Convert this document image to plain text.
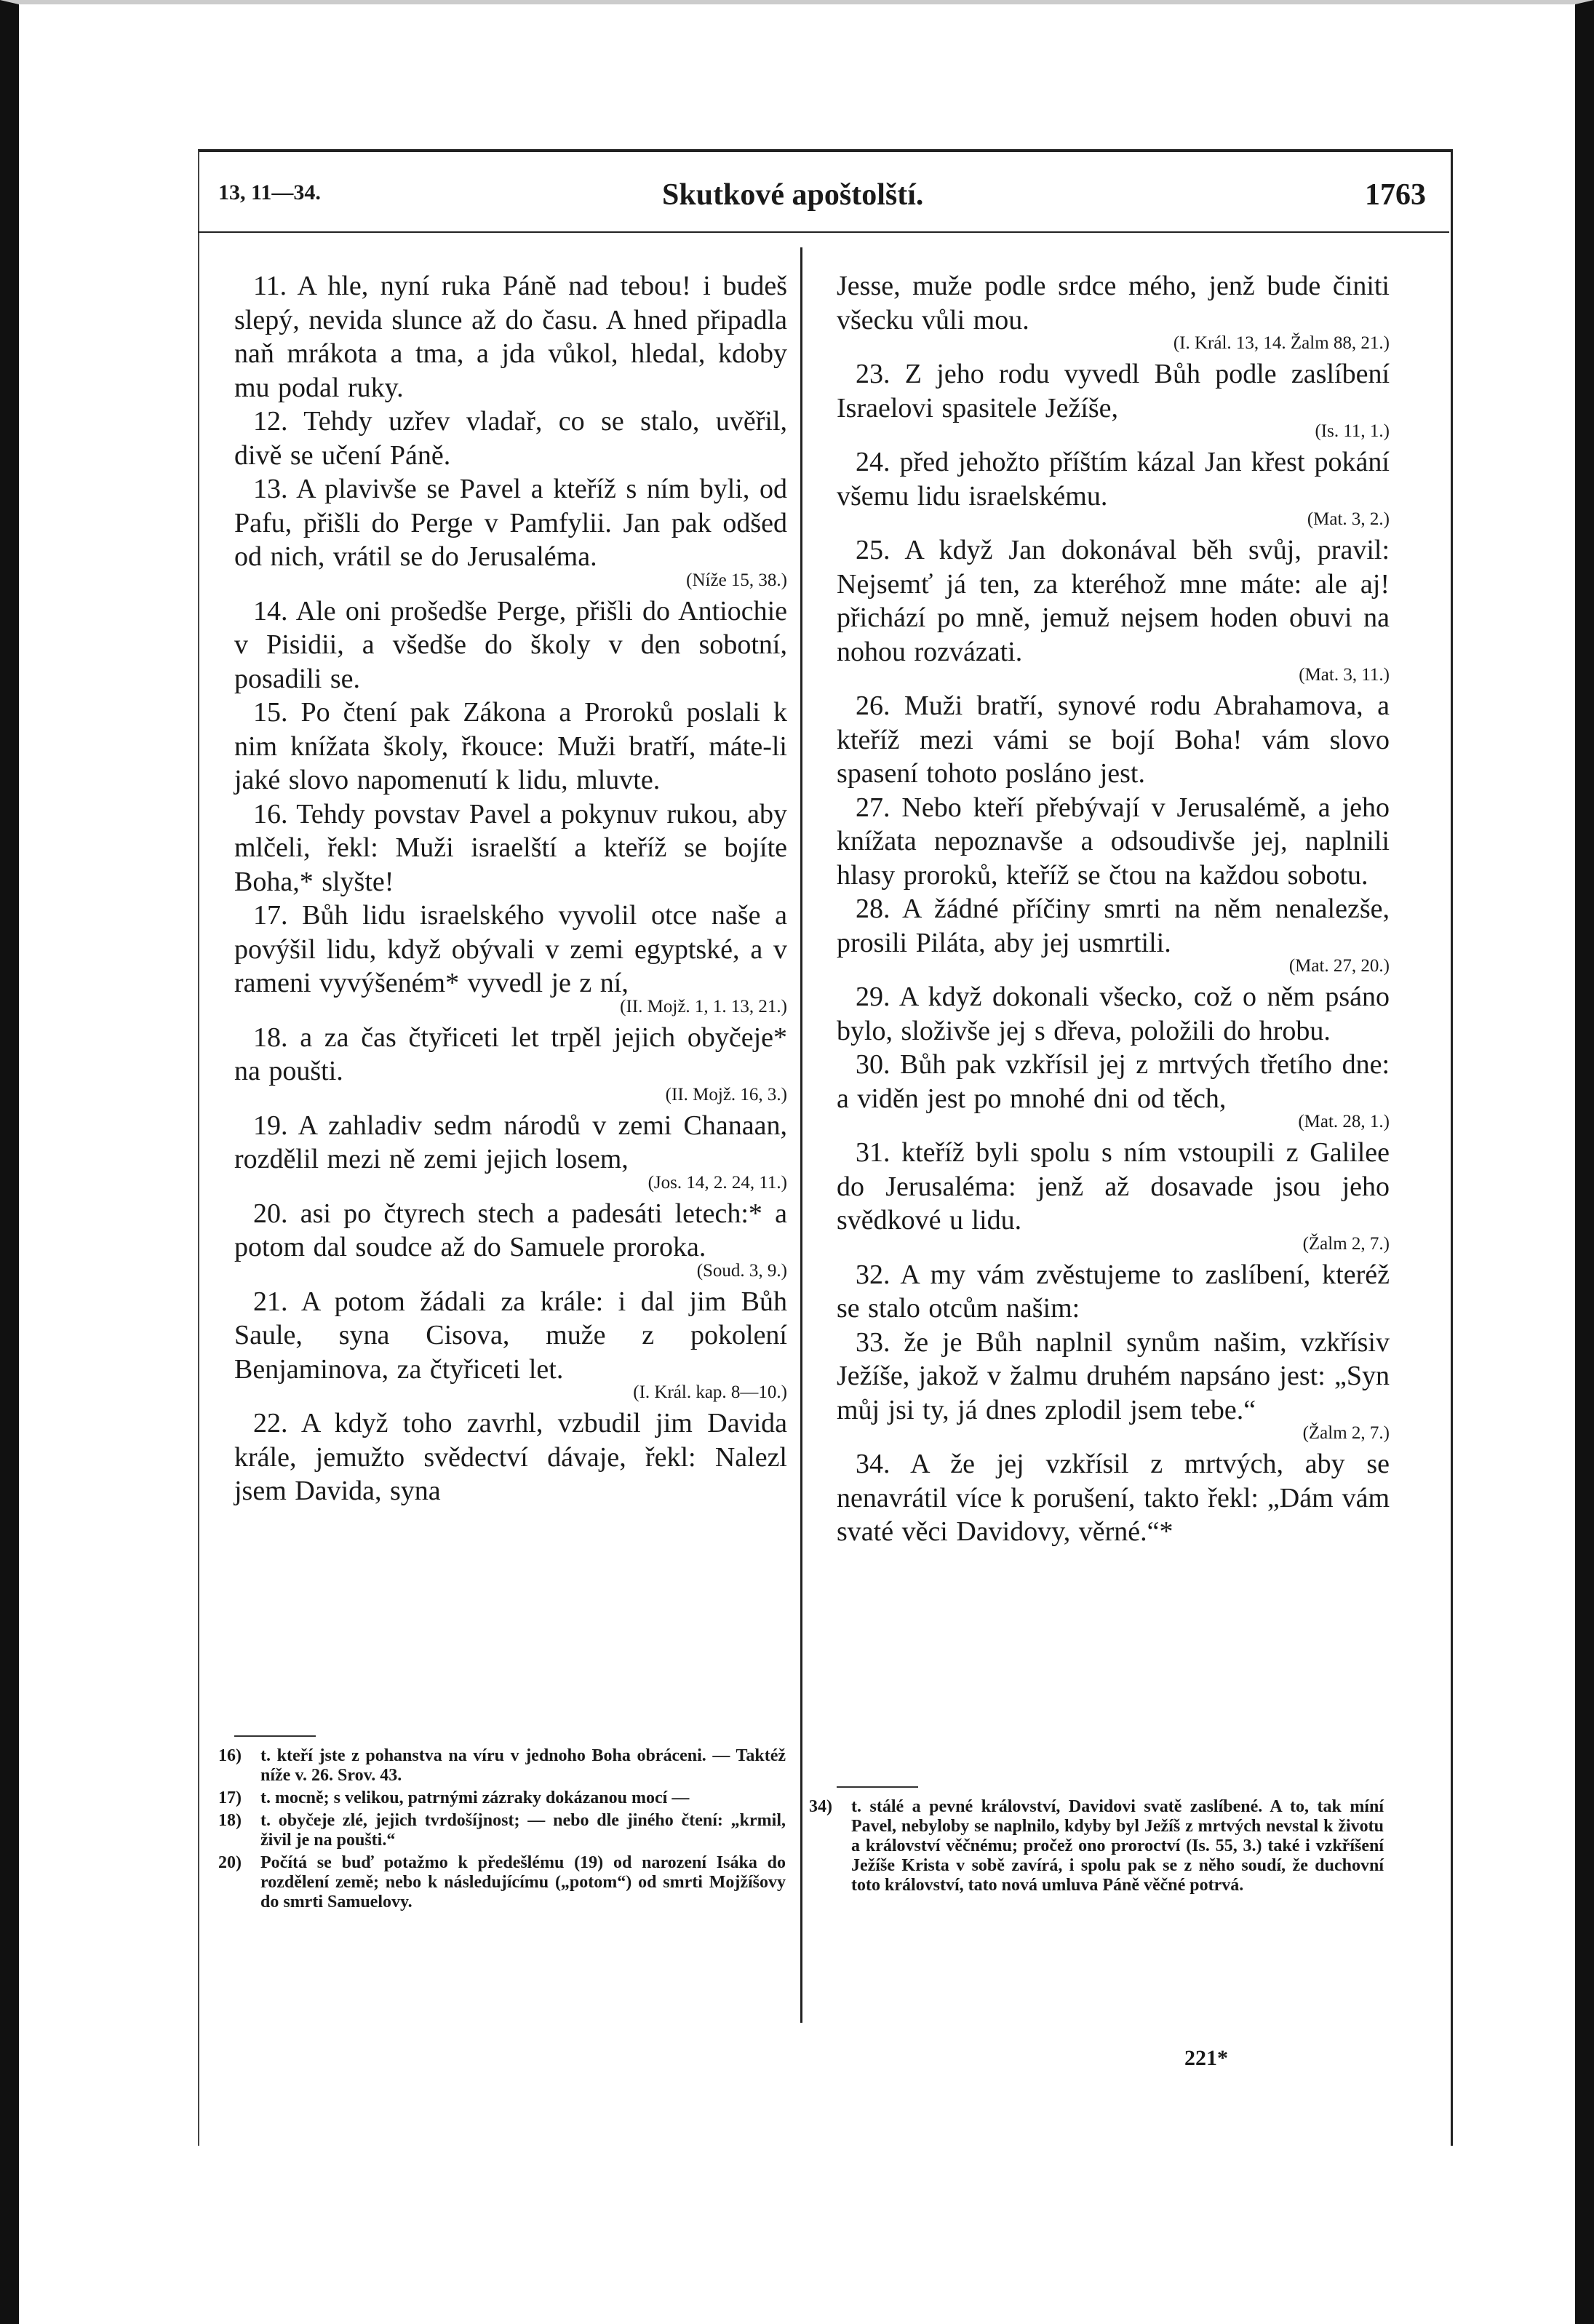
13, 11—34.	Skutkové apoštolští.	1763

11. A hle, nyní ruka Páně nad tebou! i budeš slepý, nevida slunce až do času. A hned připadla naň mrákota a tma, a jda vůkol, hledal, kdoby mu podal ruky.

12. Tehdy uzřev vladař, co se stalo, uvěřil, divě se učení Páně.

13. A plavivše se Pavel a kteříž s ním byli, od Pafu, přišli do Perge v Pamfylii. Jan pak odšed od nich, vrátil se do Jerusaléma.

(Níže 15, 38.)

14. Ale oni prošedše Perge, přišli do Antiochie v Pisidii, a všedše do školy v den sobotní, posadili se.

15. Po čtení pak Zákona a Proroků poslali k nim knížata školy, řkouce: Muži bratří, máte-li jaké slovo napomenutí k lidu, mluvte.

16. Tehdy povstav Pavel a pokynuv rukou, aby mlčeli, řekl: Muži israelští a kteříž se bojíte Boha,* slyšte!

17. Bůh lidu israelského vyvolil otce naše a povýšil lidu, když obývali v zemi egyptské, a v rameni vyvýšeném* vyvedl je z ní,

(II. Mojž. 1, 1. 13, 21.)

18. a za čas čtyřiceti let trpěl jejich obyčeje* na poušti.

(II. Mojž. 16, 3.)

19. A zahladiv sedm národů v zemi Chanaan, rozdělil mezi ně zemi jejich losem,

(Jos. 14, 2. 24, 11.)

20. asi po čtyrech stech a padesáti letech:* a potom dal soudce až do Samuele proroka.

(Soud. 3, 9.)

21. A potom žádali za krále: i dal jim Bůh Saule, syna Cisova, muže z pokolení Benjaminova, za čtyřiceti let.

(I. Král. kap. 8—10.)

22. A když toho zavrhl, vzbudil jim Davida krále, jemužto svědectví dávaje, řekl: Nalezl jsem Davida, syna

Jesse, muže podle srdce mého, jenž bude činiti všecku vůli mou.

(I. Král. 13, 14. Žalm 88, 21.)

23. Z jeho rodu vyvedl Bůh podle zaslíbení Israelovi spasitele Ježíše,

(Is. 11, 1.)

24. před jehožto příštím kázal Jan křest pokání všemu lidu israelskému.

(Mat. 3, 2.)

25. A když Jan dokonával běh svůj, pravil: Nejsemť já ten, za kteréhož mne máte: ale aj! přichází po mně, jemuž nejsem hoden obuvi na nohou rozvázati.

(Mat. 3, 11.)

26. Muži bratří, synové rodu Abrahamova, a kteříž mezi vámi se bojí Boha! vám slovo spasení tohoto posláno jest.

27. Nebo kteří přebývají v Jerusalémě, a jeho knížata nepoznavše a odsoudivše jej, naplnili hlasy proroků, kteříž se čtou na každou sobotu.

28. A žádné příčiny smrti na něm nenalezše, prosili Piláta, aby jej usmrtili.

(Mat. 27, 20.)

29. A když dokonali všecko, což o něm psáno bylo, složivše jej s dřeva, položili do hrobu.

30. Bůh pak vzkřísil jej z mrtvých třetího dne: a viděn jest po mnohé dni od těch,

(Mat. 28, 1.)

31. kteříž byli spolu s ním vstoupili z Galilee do Jerusaléma: jenž až dosavade jsou jeho svědkové u lidu.

(Žalm 2, 7.)

32. A my vám zvěstujeme to zaslíbení, kteréž se stalo otcům našim:

33. že je Bůh naplnil synům našim, vzkřísiv Ježíše, jakož v žalmu druhém napsáno jest: „Syn můj jsi ty, já dnes zplodil jsem tebe.“

(Žalm 2, 7.)

34. A že jej vzkřísil z mrtvých, aby se nenavrátil více k porušení, takto řekl: „Dám vám svaté věci Davidovy, věrné.“*

16)	t. kteří jste z pohanstva na víru v jednoho Boha obráceni. — Taktéž níže v. 26. Srov. 43.
17)	t. mocně; s velikou, patrnými zázraky dokázanou mocí —
18)	t. obyčeje zlé, jejich tvrdošíjnost; — nebo dle jiného čtení: „krmil, živil je na poušti.“
20)	Počítá se buď potažmo k předešlému (19) od narození Isáka do rozdělení země; nebo k následujícímu („potom“) od smrti Mojžíšovy do smrti Samuelovy.
34)	t. stálé a pevné království, Davidovi svatě zaslíbené. A to, tak míní Pavel, nebyloby se naplnilo, kdyby byl Ježíš z mrtvých nevstal k životu a království věčnému; pročež ono proroctví (Is. 55, 3.) také i vzkříšení Ježíše Krista v sobě zavírá, i spolu pak se z něho soudí, že duchovní toto království, tato nová umluva Páně věčné potrvá.
221*
